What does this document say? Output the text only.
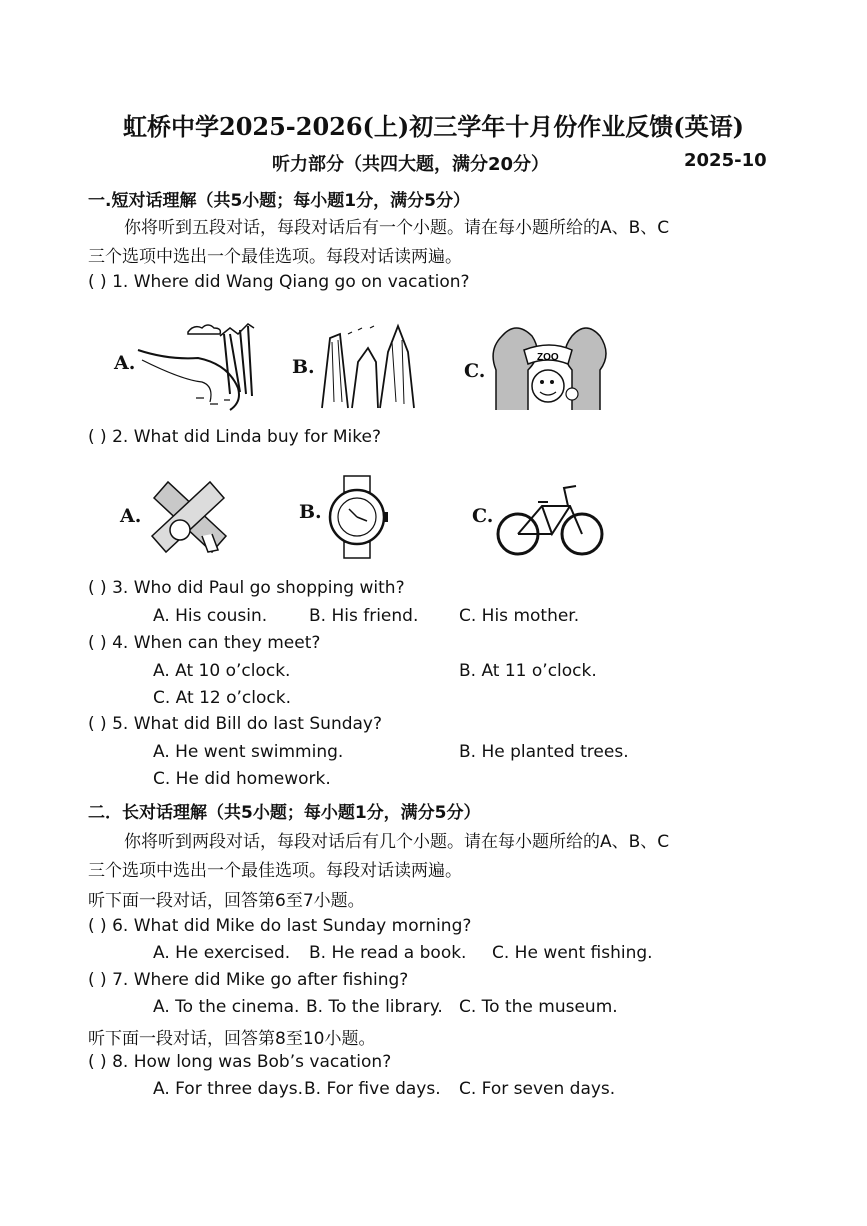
虹桥中学2025-2026(上)初三学年十月份作业反馈(英语)
听力部分（共四大题，满分20分）	2025-10
一.短对话理解（共5小题；每小题1分，满分5分）
你将听到五段对话，每段对话后有一个小题。请在每小题所给的A、B、C
三个选项中选出一个最佳选项。每段对话读两遍。
( ) 1. Where did Wang Qiang go on vacation?
A.	B.	C.
ZOO
( ) 2. What did Linda buy for Mike?
A.	B.	C.
( ) 3. Who did Paul go shopping with?
A. His cousin. B. His friend. C. His mother.
( ) 4. When can they meet?
A. At 10 o’clock.	B. At 11 o’clock.
C. At 12 o’clock.
( ) 5. What did Bill do last Sunday?
A. He went swimming.	B. He planted trees.
C. He did homework.
二．长对话理解（共5小题；每小题1分，满分5分）
你将听到两段对话，每段对话后有几个小题。请在每小题所给的A、B、C
三个选项中选出一个最佳选项。每段对话读两遍。
听下面一段对话，回答第6至7小题。
( ) 6. What did Mike do last Sunday morning?
A. He exercised. B. He read a book. C. He went fishing.
( ) 7. Where did Mike go after fishing?
A. To the cinema. B. To the library. C. To the museum.
听下面一段对话，回答第8至10小题。
( ) 8. How long was Bob’s vacation?
A. For three days. B. For five days. C. For seven days.
